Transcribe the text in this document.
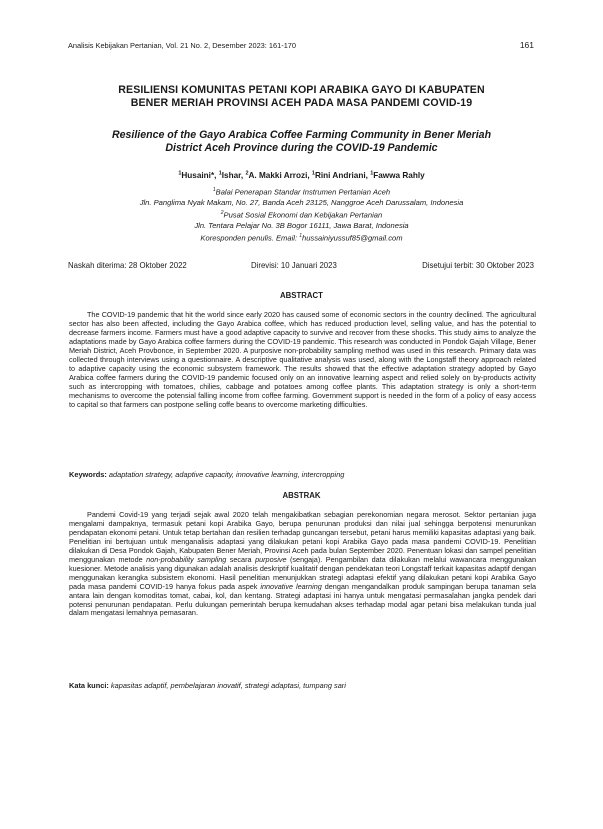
Analisis Kebijakan Pertanian, Vol. 21 No. 2, Desember 2023: 161-170	161
RESILIENSI KOMUNITAS PETANI KOPI ARABIKA GAYO DI KABUPATEN
BENER MERIAH PROVINSI ACEH PADA MASA PANDEMI COVID-19
Resilience of the Gayo Arabica Coffee Farming Community in Bener Meriah
District Aceh Province during the COVID-19 Pandemic
$^1$Husaini*, $^1$Ishar, $^2$A. Makki Arrozi, $^1$Rini Andriani, $^1$Fawwa Rahly
$^1$Balai Penerapan Standar Instrumen Pertanian Aceh
Jln. Panglima Nyak Makam, No. 27, Banda Aceh 23125, Nanggroe Aceh Darussalam, Indonesia
$^2$Pusat Sosial Ekonomi dan Kebijakan Pertanian
Jln. Tentara Pelajar No. 3B Bogor 16111, Jawa Barat, Indonesia
Koresponden penulis. Email: $^1$hussainiyussuf85@gmail.com
Naskah diterima: 28 Oktober 2022	Direvisi: 10 Januari 2023	Disetujui terbit: 30 Oktober 2023
ABSTRACT

The COVID-19 pandemic that hit the world since early 2020 has caused some of economic sectors in the country declined. The agricultural sector has also been affected, including the Gayo Arabica coffee, which has reduced production level, selling value, and has the potential to decrease farmers income. Farmers must have a good adaptive capacity to survive and recover from these shocks. This study aims to analyze the adaptations made by Gayo Arabica coffee farmers during the COVID-19 pandemic. This research was conducted in Pondok Gajah Village, Bener Meriah District, Aceh Provbonce, in September 2020. A purposive non-probability sampling method was used in this research. Primary data was collected through interviews using a questionnaire. A descriptive qualitative analysis was used, along with the Longstaff theory approach related to adaptive capacity using the economic subsystem framework. The results showed that the effective adaptation strategy adopted by Gayo Arabica coffee farmers during the COVID-19 pandemic focused only on an innovative learning aspect and relied solely on by-products activity such as intercropping with tomatoes, chilies, cabbage and potatoes among coffee plants. This adaptation strategy is only a short-term mechanisms to overcome the potensial falling income from coffee farming. Government support is needed in the form of a policy of easy access to capital so that farmers can postpone selling coffe beans to overcome marketing difficulties.

Keywords: adaptation strategy, adaptive capacity, innovative learning, intercropping
ABSTRAK

Pandemi Covid-19 yang terjadi sejak awal 2020 telah mengakibatkan sebagian perekonomian negara merosot. Sektor pertanian juga mengalami dampaknya, termasuk petani kopi Arabika Gayo, berupa penurunan produksi dan nilai jual sehingga berpotensi menurunkan pendapatan ekonomi petani. Untuk tetap bertahan dan resilien terhadap guncangan tersebut, petani harus memiliki kapasitas adaptasi yang baik. Penelitian ini bertujuan untuk menganalisis adaptasi yang dilakukan petani kopi Arabika Gayo pada masa pandemi COVID-19. Penelitian dilakukan di Desa Pondok Gajah, Kabupaten Bener Meriah, Provinsi Aceh pada bulan September 2020. Penentuan lokasi dan sampel penelitian menggunakan metode non-probability sampling secara purposive (sengaja). Pengambilan data dilakukan melalui wawancara menggunakan kuesioner. Metode analisis yang digunakan adalah analisis deskriptif kualitatif dengan pendekatan teori Longstaff terkait kapasitas adaptif dengan menggunakan kerangka subsistem ekonomi. Hasil penelitian menunjukkan strategi adaptasi efektif yang dilakukan petani kopi Arabika Gayo pada masa pandemi COVID-19 hanya fokus pada aspek innovative learning dengan mengandalkan produk sampingan berupa tanaman sela antara lain dengan komoditas tomat, cabai, kol, dan kentang. Strategi adaptasi ini hanya untuk mengatasi permasalahan jangka pendek dari potensi penurunan pendapatan. Perlu dukungan pemerintah berupa kemudahan akses terhadap modal agar petani bisa melakukan tunda jual dalam mengatasi lemahnya pemasaran.

Kata kunci: kapasitas adaptif, pembelajaran inovatif, strategi adaptasi, tumpang sari
